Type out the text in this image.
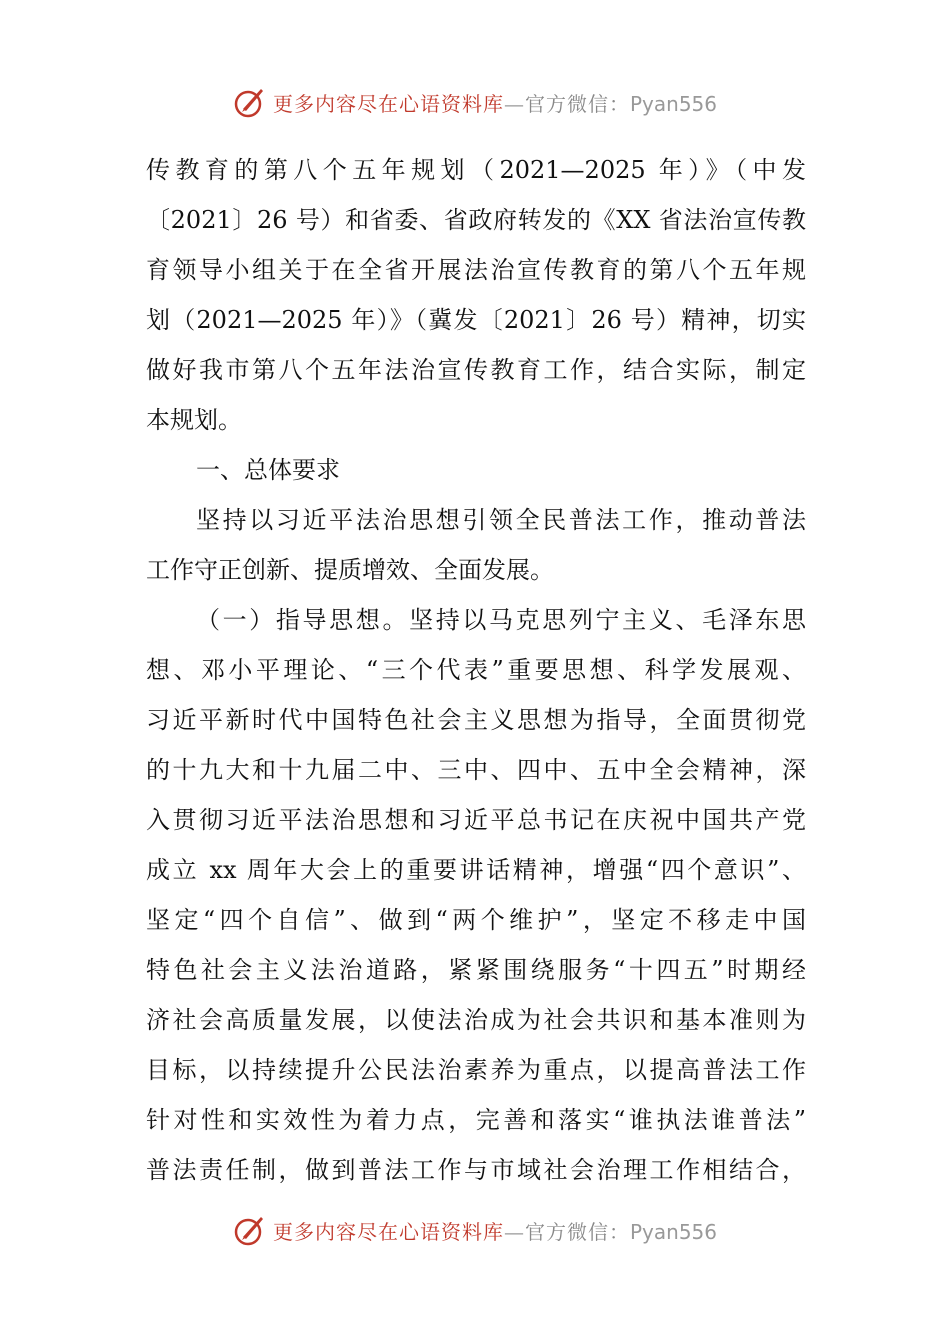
更多内容尽在心语资料库—官方微信：Pyan556
传教育的第八个五年规划（2021—2025 年）》（中发
〔2021〕26 号）和省委、省政府转发的《XX 省法治宣传教
育领导小组关于在全省开展法治宣传教育的第八个五年规
划（2021—2025 年）》（冀发〔2021〕26 号）精神，切实
做好我市第八个五年法治宣传教育工作，结合实际，制定
本规划。
一、总体要求
坚持以习近平法治思想引领全民普法工作，推动普法
工作守正创新、提质增效、全面发展。
（一）指导思想。坚持以马克思列宁主义、毛泽东思
想、邓小平理论、“三个代表”重要思想、科学发展观、
习近平新时代中国特色社会主义思想为指导，全面贯彻党
的十九大和十九届二中、三中、四中、五中全会精神，深
入贯彻习近平法治思想和习近平总书记在庆祝中国共产党
成立 xx 周年大会上的重要讲话精神，增强“四个意识”、
坚定“四个自信”、做到“两个维护”，坚定不移走中国
特色社会主义法治道路，紧紧围绕服务“十四五”时期经
济社会高质量发展，以使法治成为社会共识和基本准则为
目标，以持续提升公民法治素养为重点，以提高普法工作
针对性和实效性为着力点，完善和落实“谁执法谁普法”
普法责任制，做到普法工作与市域社会治理工作相结合，
更多内容尽在心语资料库—官方微信：Pyan556
